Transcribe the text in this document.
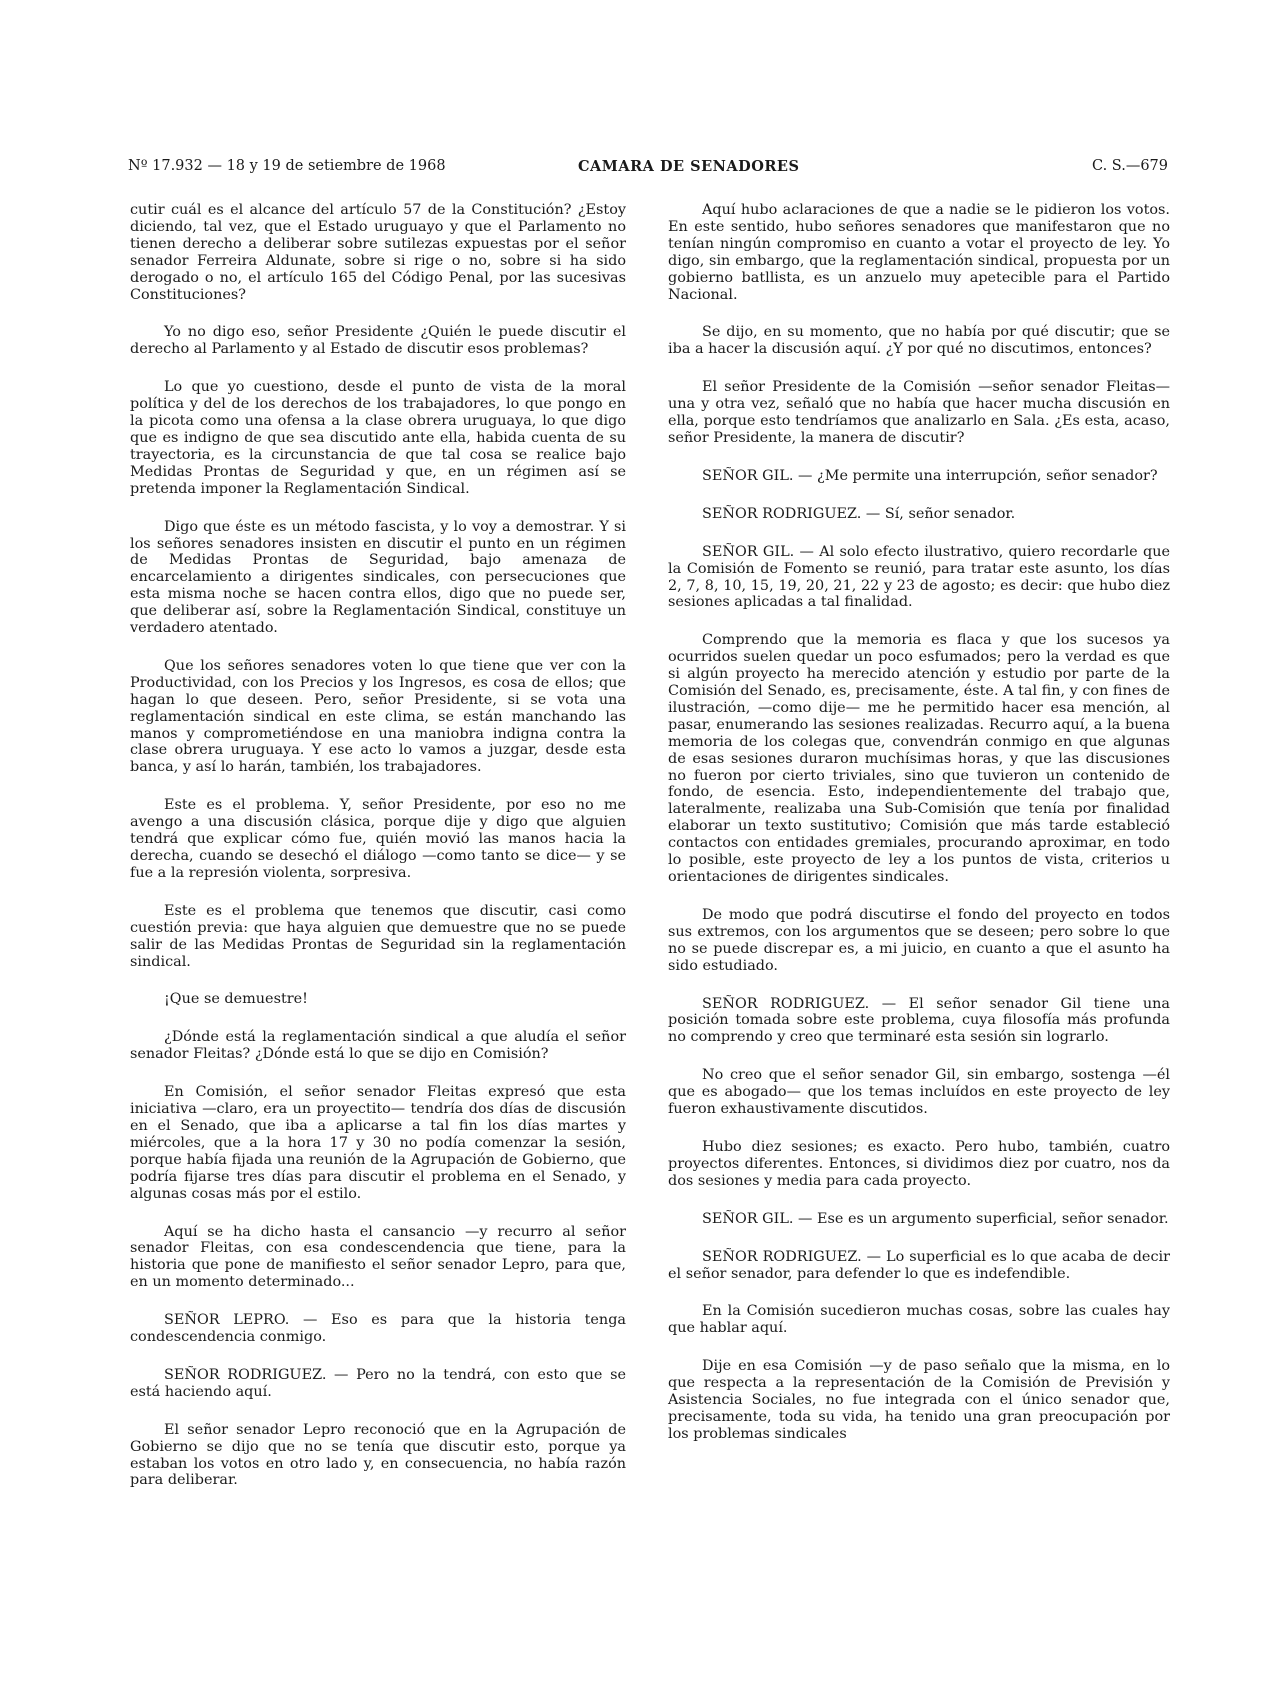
Nº 17.932 — 18 y 19 de setiembre de 1968	CAMARA DE SENADORES	C. S.—679

cutir cuál es el alcance del artículo 57 de la Constitución? ¿Estoy diciendo, tal vez, que el Estado uruguayo y que el Parlamento no tienen derecho a deliberar sobre sutilezas expuestas por el señor senador Ferreira Aldunate, sobre si rige o no, sobre si ha sido derogado o no, el artículo 165 del Código Penal, por las sucesivas Constituciones?

Yo no digo eso, señor Presidente ¿Quién le puede discutir el derecho al Parlamento y al Estado de discutir esos problemas?

Lo que yo cuestiono, desde el punto de vista de la moral política y del de los derechos de los trabajadores, lo que pongo en la picota como una ofensa a la clase obrera uruguaya, lo que digo que es indigno de que sea discutido ante ella, habida cuenta de su trayectoria, es la circunstancia de que tal cosa se realice bajo Medidas Prontas de Seguridad y que, en un régimen así se pretenda imponer la Reglamentación Sindical.

Digo que éste es un método fascista, y lo voy a demostrar. Y si los señores senadores insisten en discutir el punto en un régimen de Medidas Prontas de Seguridad, bajo amenaza de encarcelamiento a dirigentes sindicales, con persecuciones que esta misma noche se hacen contra ellos, digo que no puede ser, que deliberar así, sobre la Reglamentación Sindical, constituye un verdadero atentado.

Que los señores senadores voten lo que tiene que ver con la Productividad, con los Precios y los Ingresos, es cosa de ellos; que hagan lo que deseen. Pero, señor Presidente, si se vota una reglamentación sindical en este clima, se están manchando las manos y comprometiéndose en una maniobra indigna contra la clase obrera uruguaya. Y ese acto lo vamos a juzgar, desde esta banca, y así lo harán, también, los trabajadores.

Este es el problema. Y, señor Presidente, por eso no me avengo a una discusión clásica, porque dije y digo que alguien tendrá que explicar cómo fue, quién movió las manos hacia la derecha, cuando se desechó el diálogo —como tanto se dice— y se fue a la represión violenta, sorpresiva.

Este es el problema que tenemos que discutir, casi como cuestión previa: que haya alguien que demuestre que no se puede salir de las Medidas Prontas de Seguridad sin la reglamentación sindical.

¡Que se demuestre!

¿Dónde está la reglamentación sindical a que aludía el señor senador Fleitas? ¿Dónde está lo que se dijo en Comisión?

En Comisión, el señor senador Fleitas expresó que esta iniciativa —claro, era un proyectito— tendría dos días de discusión en el Senado, que iba a aplicarse a tal fin los días martes y miércoles, que a la hora 17 y 30 no podía comenzar la sesión, porque había fijada una reunión de la Agrupación de Gobierno, que podría fijarse tres días para discutir el problema en el Senado, y algunas cosas más por el estilo.

Aquí se ha dicho hasta el cansancio —y recurro al señor senador Fleitas, con esa condescendencia que tiene, para la historia que pone de manifiesto el señor senador Lepro, para que, en un momento determinado...

SEÑOR LEPRO. — Eso es para que la historia tenga condescendencia conmigo.

SEÑOR RODRIGUEZ. — Pero no la tendrá, con esto que se está haciendo aquí.

El señor senador Lepro reconoció que en la Agrupación de Gobierno se dijo que no se tenía que discutir esto, porque ya estaban los votos en otro lado y, en consecuencia, no había razón para deliberar.

Aquí hubo aclaraciones de que a nadie se le pidieron los votos. En este sentido, hubo señores senadores que manifestaron que no tenían ningún compromiso en cuanto a votar el proyecto de ley. Yo digo, sin embargo, que la reglamentación sindical, propuesta por un gobierno batllista, es un anzuelo muy apetecible para el Partido Nacional.

Se dijo, en su momento, que no había por qué discutir; que se iba a hacer la discusión aquí. ¿Y por qué no discutimos, entonces?

El señor Presidente de la Comisión —señor senador Fleitas— una y otra vez, señaló que no había que hacer mucha discusión en ella, porque esto tendríamos que analizarlo en Sala. ¿Es esta, acaso, señor Presidente, la manera de discutir?

SEÑOR GIL. — ¿Me permite una interrupción, señor senador?

SEÑOR RODRIGUEZ. — Sí, señor senador.

SEÑOR GIL. — Al solo efecto ilustrativo, quiero recordarle que la Comisión de Fomento se reunió, para tratar este asunto, los días 2, 7, 8, 10, 15, 19, 20, 21, 22 y 23 de agosto; es decir: que hubo diez sesiones aplicadas a tal finalidad.

Comprendo que la memoria es flaca y que los sucesos ya ocurridos suelen quedar un poco esfumados; pero la verdad es que si algún proyecto ha merecido atención y estudio por parte de la Comisión del Senado, es, precisamente, éste. A tal fin, y con fines de ilustración, —como dije— me he permitido hacer esa mención, al pasar, enumerando las sesiones realizadas. Recurro aquí, a la buena memoria de los colegas que, convendrán conmigo en que algunas de esas sesiones duraron muchísimas horas, y que las discusiones no fueron por cierto triviales, sino que tuvieron un contenido de fondo, de esencia. Esto, independientemente del trabajo que, lateralmente, realizaba una Sub-Comisión que tenía por finalidad elaborar un texto sustitutivo; Comisión que más tarde estableció contactos con entidades gremiales, procurando aproximar, en todo lo posible, este proyecto de ley a los puntos de vista, criterios u orientaciones de dirigentes sindicales.

De modo que podrá discutirse el fondo del proyecto en todos sus extremos, con los argumentos que se deseen; pero sobre lo que no se puede discrepar es, a mi juicio, en cuanto a que el asunto ha sido estudiado.

SEÑOR RODRIGUEZ. — El señor senador Gil tiene una posición tomada sobre este problema, cuya filosofía más profunda no comprendo y creo que terminaré esta sesión sin lograrlo.

No creo que el señor senador Gil, sin embargo, sostenga —él que es abogado— que los temas incluídos en este proyecto de ley fueron exhaustivamente discutidos.

Hubo diez sesiones; es exacto. Pero hubo, también, cuatro proyectos diferentes. Entonces, si dividimos diez por cuatro, nos da dos sesiones y media para cada proyecto.

SEÑOR GIL. — Ese es un argumento superficial, señor senador.

SEÑOR RODRIGUEZ. — Lo superficial es lo que acaba de decir el señor senador, para defender lo que es indefendible.

En la Comisión sucedieron muchas cosas, sobre las cuales hay que hablar aquí.

Dije en esa Comisión —y de paso señalo que la misma, en lo que respecta a la representación de la Comisión de Previsión y Asistencia Sociales, no fue integrada con el único senador que, precisamente, toda su vida, ha tenido una gran preocupación por los problemas sindicales
